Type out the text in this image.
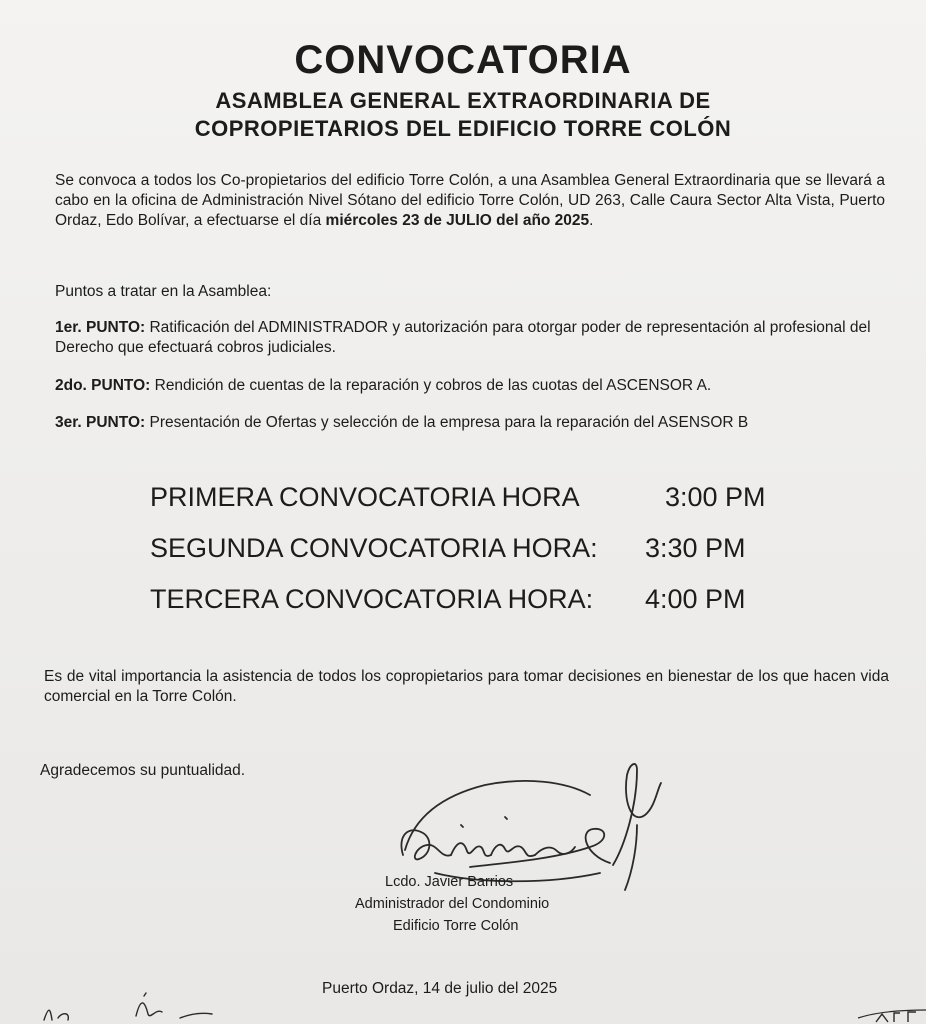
CONVOCATORIA
ASAMBLEA GENERAL EXTRAORDINARIA DE
COPROPIETARIOS DEL EDIFICIO TORRE COLÓN

Se convoca a todos los Co-propietarios del edificio Torre Colón, a una Asamblea General Extraordinaria que se llevará a cabo en la oficina de Administración Nivel Sótano del edificio Torre Colón, UD 263, Calle Caura Sector Alta Vista, Puerto Ordaz, Edo Bolívar, a efectuarse el día miércoles 23 de JULIO del año 2025.

Puntos a tratar en la Asamblea:

1er. PUNTO: Ratificación del ADMINISTRADOR y autorización para otorgar poder de representación al profesional del Derecho que efectuará cobros judiciales.

2do. PUNTO: Rendición de cuentas de la reparación y cobros de las cuotas del ASCENSOR A.

3er. PUNTO: Presentación de Ofertas y selección de la empresa para la reparación del ASENSOR B

PRIMERA CONVOCATORIA HORA	3:00 PM
SEGUNDA CONVOCATORIA HORA: 3:30 PM
TERCERA CONVOCATORIA HORA: 4:00 PM

Es de vital importancia la asistencia de todos los copropietarios para tomar decisiones en bienestar de los que hacen vida comercial en la Torre Colón.

Agradecemos su puntualidad.

Lcdo. Javier Barrios

Administrador del Condominio

Edificio Torre Colón

Puerto Ordaz, 14 de julio del 2025
